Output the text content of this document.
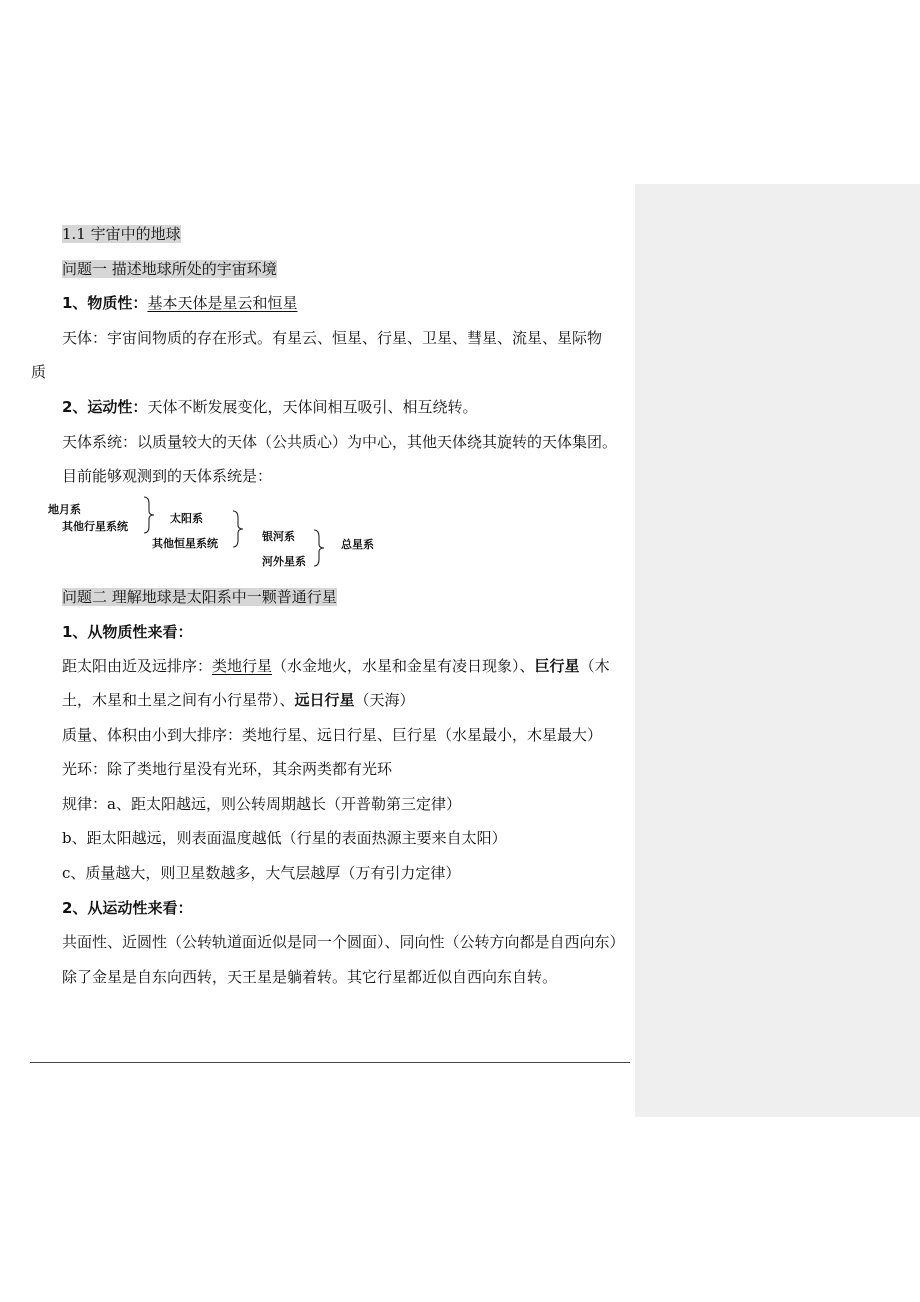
1.1 宇宙中的地球
问题一 描述地球所处的宇宙环境
1、物质性：基本天体是星云和恒星
天体：宇宙间物质的存在形式。有星云、恒星、行星、卫星、彗星、流星、星际物
质
2、运动性：天体不断发展变化，天体间相互吸引、相互绕转。
天体系统：以质量较大的天体（公共质心）为中心，其他天体绕其旋转的天体集团。
目前能够观测到的天体系统是：
地月系
其他行星系统
太阳系
其他恒星系统
银河系
河外星系
总星系
问题二 理解地球是太阳系中一颗普通行星
1、从物质性来看：
距太阳由近及远排序：类地行星（水金地火，水星和金星有凌日现象）、巨行星（木
土，木星和土星之间有小行星带）、远日行星（天海）
质量、体积由小到大排序：类地行星、远日行星、巨行星（水星最小，木星最大）
光环：除了类地行星没有光环，其余两类都有光环
规律：a、距太阳越远，则公转周期越长（开普勒第三定律）
b、距太阳越远，则表面温度越低（行星的表面热源主要来自太阳）
c、质量越大，则卫星数越多，大气层越厚（万有引力定律）
2、从运动性来看：
共面性、近圆性（公转轨道面近似是同一个圆面）、同向性（公转方向都是自西向东）
除了金星是自东向西转，天王星是躺着转。其它行星都近似自西向东自转。
